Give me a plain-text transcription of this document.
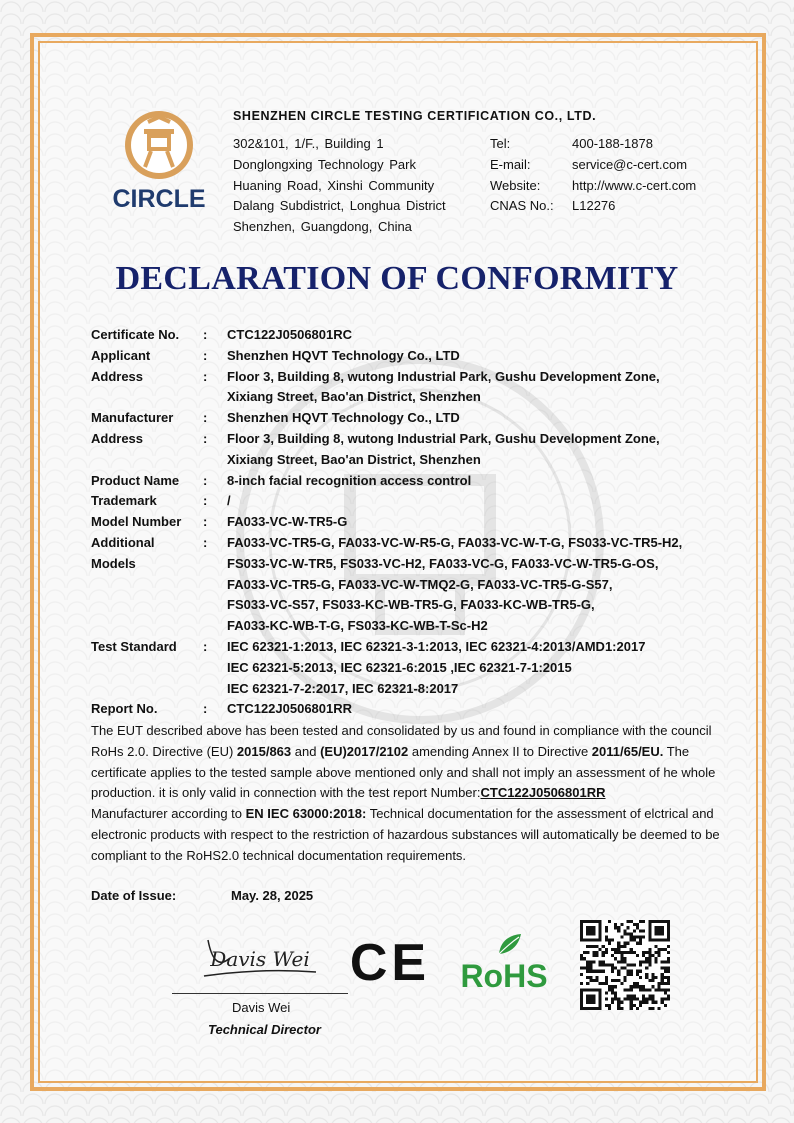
CIRCLE
SHENZHEN CIRCLE TESTING CERTIFICATION CO., LTD.
302&101, 1/F., Building 1
Donglongxing Technology Park
Huaning Road, Xinshi Community
Dalang Subdistrict, Longhua District
Shenzhen, Guangdong, China
Tel:	400-188-1878
E-mail:	service@c-cert.com
Website:	http://www.c-cert.com
CNAS No.:	L12276
DECLARATION OF CONFORMITY
Certificate No.	:	CTC122J0506801RC
Applicant	:	Shenzhen HQVT Technology Co., LTD
Address	:	Floor 3, Building 8, wutong Industrial Park, Gushu Development Zone,
Xixiang Street, Bao'an District, Shenzhen
Manufacturer	:	Shenzhen HQVT Technology Co., LTD
Address	:	Floor 3, Building 8, wutong Industrial Park, Gushu Development Zone,
Xixiang Street, Bao'an District, Shenzhen
Product Name	:	8-inch facial recognition access control
Trademark	:	/
Model Number	:	FA033-VC-W-TR5-G
Additional
Models
:	FA033-VC-TR5-G, FA033-VC-W-R5-G, FA033-VC-W-T-G, FS033-VC-TR5-H2,
FS033-VC-W-TR5, FS033-VC-H2, FA033-VC-G, FA033-VC-W-TR5-G-OS,
FA033-VC-TR5-G, FA033-VC-W-TMQ2-G, FA033-VC-TR5-G-S57,
FS033-VC-S57, FS033-KC-WB-TR5-G, FA033-KC-WB-TR5-G,
FA033-KC-WB-T-G, FS033-KC-WB-T-Sc-H2
Test Standard	:	IEC 62321-1:2013, IEC 62321-3-1:2013, IEC 62321-4:2013/AMD1:2017
IEC 62321-5:2013, IEC 62321-6:2015 ,IEC 62321-7-1:2015
IEC 62321-7-2:2017, IEC 62321-8:2017
Report No.	:	CTC122J0506801RR
The EUT described above has been tested and consolidated by us and found in compliance with the council RoHs 2.0. Directive (EU) 2015/863 and (EU)2017/2102 amending Annex II to Directive 2011/65/EU. The certificate applies to the tested sample above mentioned only and shall not imply an assessment of he whole production. it is only valid in connection with the test report Number:CTC122J0506801RR
Manufacturer according to EN IEC 63000:2018: Technical documentation for the assessment of elctrical and electronic products with respect to the restriction of hazardous substances will automatically be deemed to be compliant to the RoHS2.0 technical documentation requirements.
Date of Issue:	May. 28, 2025
Davis Wei
Davis Wei
Technical Director
CE RoHS
